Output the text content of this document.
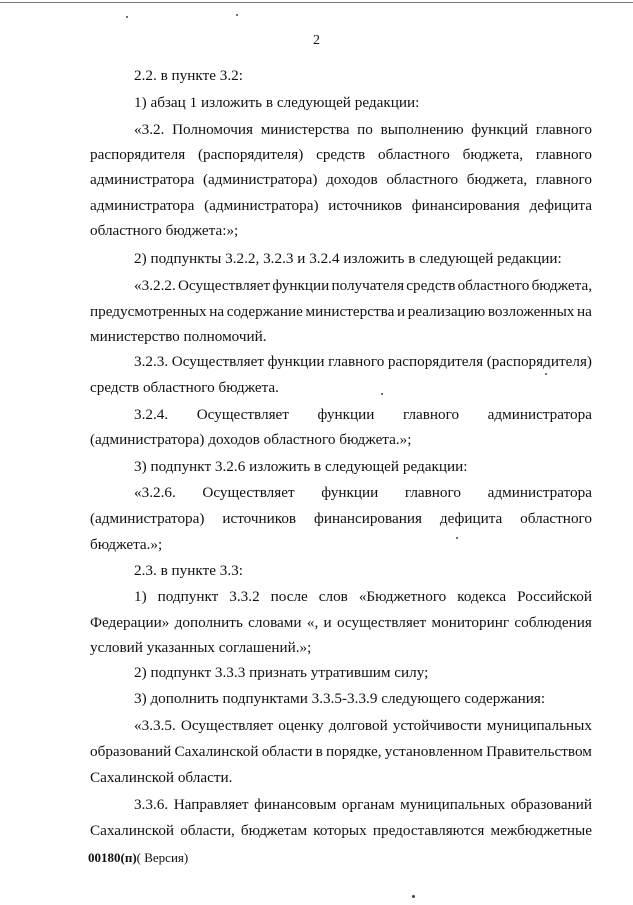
2
2.2. в пункте 3.2:
1) абзац 1 изложить в следующей редакции:
«3.2. Полномочия министерства по выполнению функций главного
распорядителя (распорядителя) средств областного бюджета, главного
администратора (администратора) доходов областного бюджета, главного
администратора (администратора) источников финансирования дефицита
областного бюджета:»;
2) подпункты 3.2.2, 3.2.3 и 3.2.4 изложить в следующей редакции:
«3.2.2. Осуществляет функции получателя средств областного бюджета,
предусмотренных на содержание министерства и реализацию возложенных на
министерство полномочий.
3.2.3. Осуществляет функции главного распорядителя (распорядителя)
средств областного бюджета.
3.2.4. Осуществляет функции главного администратора
(администратора) доходов областного бюджета.»;
3) подпункт 3.2.6 изложить в следующей редакции:
«3.2.6. Осуществляет функции главного администратора
(администратора) источников финансирования дефицита областного
бюджета.»;
2.3. в пункте 3.3:
1) подпункт 3.3.2 после слов «Бюджетного кодекса Российской
Федерации» дополнить словами «, и осуществляет мониторинг соблюдения
условий указанных соглашений.»;
2) подпункт 3.3.3 признать утратившим силу;
3) дополнить подпунктами 3.3.5-3.3.9 следующего содержания:
«3.3.5. Осуществляет оценку долговой устойчивости муниципальных
образований Сахалинской области в порядке, установленном Правительством
Сахалинской области.
3.3.6. Направляет финансовым органам муниципальных образований
Сахалинской области, бюджетам которых предоставляются межбюджетные
00180(п)( Версия)
